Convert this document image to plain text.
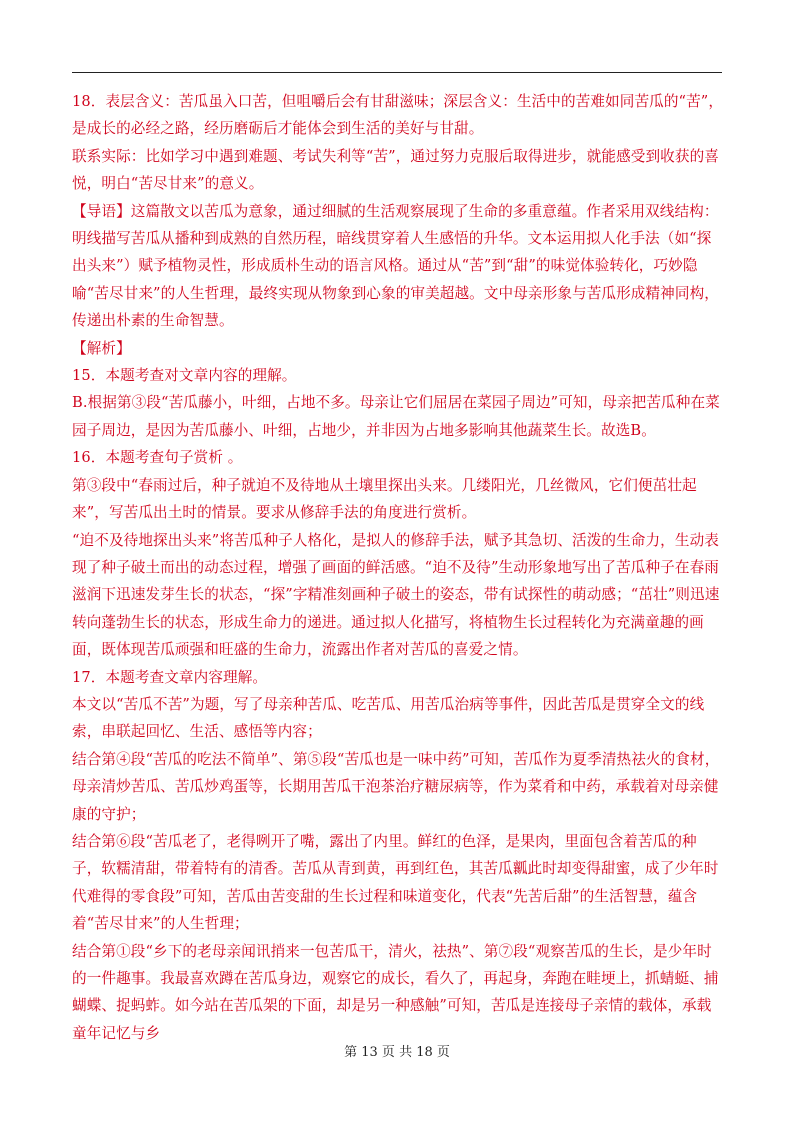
18．表层含义：苦瓜虽入口苦，但咀嚼后会有甘甜滋味；深层含义：生活中的苦难如同苦瓜的“苦”，是成长的必经之路，经历磨砺后才能体会到生活的美好与甘甜。

联系实际：比如学习中遇到难题、考试失利等“苦”，通过努力克服后取得进步，就能感受到收获的喜悦，明白“苦尽甘来”的意义。

【导语】这篇散文以苦瓜为意象，通过细腻的生活观察展现了生命的多重意蕴。作者采用双线结构：明线描写苦瓜从播种到成熟的自然历程，暗线贯穿着人生感悟的升华。文本运用拟人化手法（如“探出头来”）赋予植物灵性，形成质朴生动的语言风格。通过从“苦”到“甜”的味觉体验转化，巧妙隐喻“苦尽甘来”的人生哲理，最终实现从物象到心象的审美超越。文中母亲形象与苦瓜形成精神同构，传递出朴素的生命智慧。

【解析】

15．本题考查对文章内容的理解。

B.根据第③段“苦瓜藤小，叶细，占地不多。母亲让它们屈居在菜园子周边”可知，母亲把苦瓜种在菜园子周边，是因为苦瓜藤小、叶细，占地少，并非因为占地多影响其他蔬菜生长。故选B。

16．本题考查句子赏析 。

第③段中“春雨过后，种子就迫不及待地从土壤里探出头来。几缕阳光，几丝微风，它们便茁壮起来”，写苦瓜出土时的情景。要求从修辞手法的角度进行赏析。

“迫不及待地探出头来”将苦瓜种子人格化，是拟人的修辞手法，赋予其急切、活泼的生命力，生动表现了种子破土而出的动态过程，增强了画面的鲜活感。“迫不及待”生动形象地写出了苦瓜种子在春雨滋润下迅速发芽生长的状态，“探”字精准刻画种子破土的姿态，带有试探性的萌动感；“茁壮”则迅速转向蓬勃生长的状态，形成生命力的递进。通过拟人化描写，将植物生长过程转化为充满童趣的画面，既体现苦瓜顽强和旺盛的生命力，流露出作者对苦瓜的喜爱之情。

17．本题考查文章内容理解。

本文以“苦瓜不苦”为题，写了母亲种苦瓜、吃苦瓜、用苦瓜治病等事件，因此苦瓜是贯穿全文的线索，串联起回忆、生活、感悟等内容；

结合第④段“苦瓜的吃法不简单”、第⑤段“苦瓜也是一味中药”可知，苦瓜作为夏季清热祛火的食材，母亲清炒苦瓜、苦瓜炒鸡蛋等，长期用苦瓜干泡茶治疗糖尿病等，作为菜肴和中药，承载着对母亲健康的守护；

结合第⑥段“苦瓜老了，老得咧开了嘴，露出了内里。鲜红的色泽，是果肉，里面包含着苦瓜的种子，软糯清甜，带着特有的清香。苦瓜从青到黄，再到红色，其苦瓜瓤此时却变得甜蜜，成了少年时代难得的零食段”可知，苦瓜由苦变甜的生长过程和味道变化，代表“先苦后甜”的生活智慧，蕴含着“苦尽甘来”的人生哲理；

结合第①段“乡下的老母亲闻讯捎来一包苦瓜干，清火，祛热”、第⑦段“观察苦瓜的生长，是少年时的一件趣事。我最喜欢蹲在苦瓜身边，观察它的成长，看久了，再起身，奔跑在畦埂上，抓蜻蜓、捕蝴蝶、捉蚂蚱。如今站在苦瓜架的下面，却是另一种感触”可知，苦瓜是连接母子亲情的载体，承载童年记忆与乡

第 13 页 共 18 页
